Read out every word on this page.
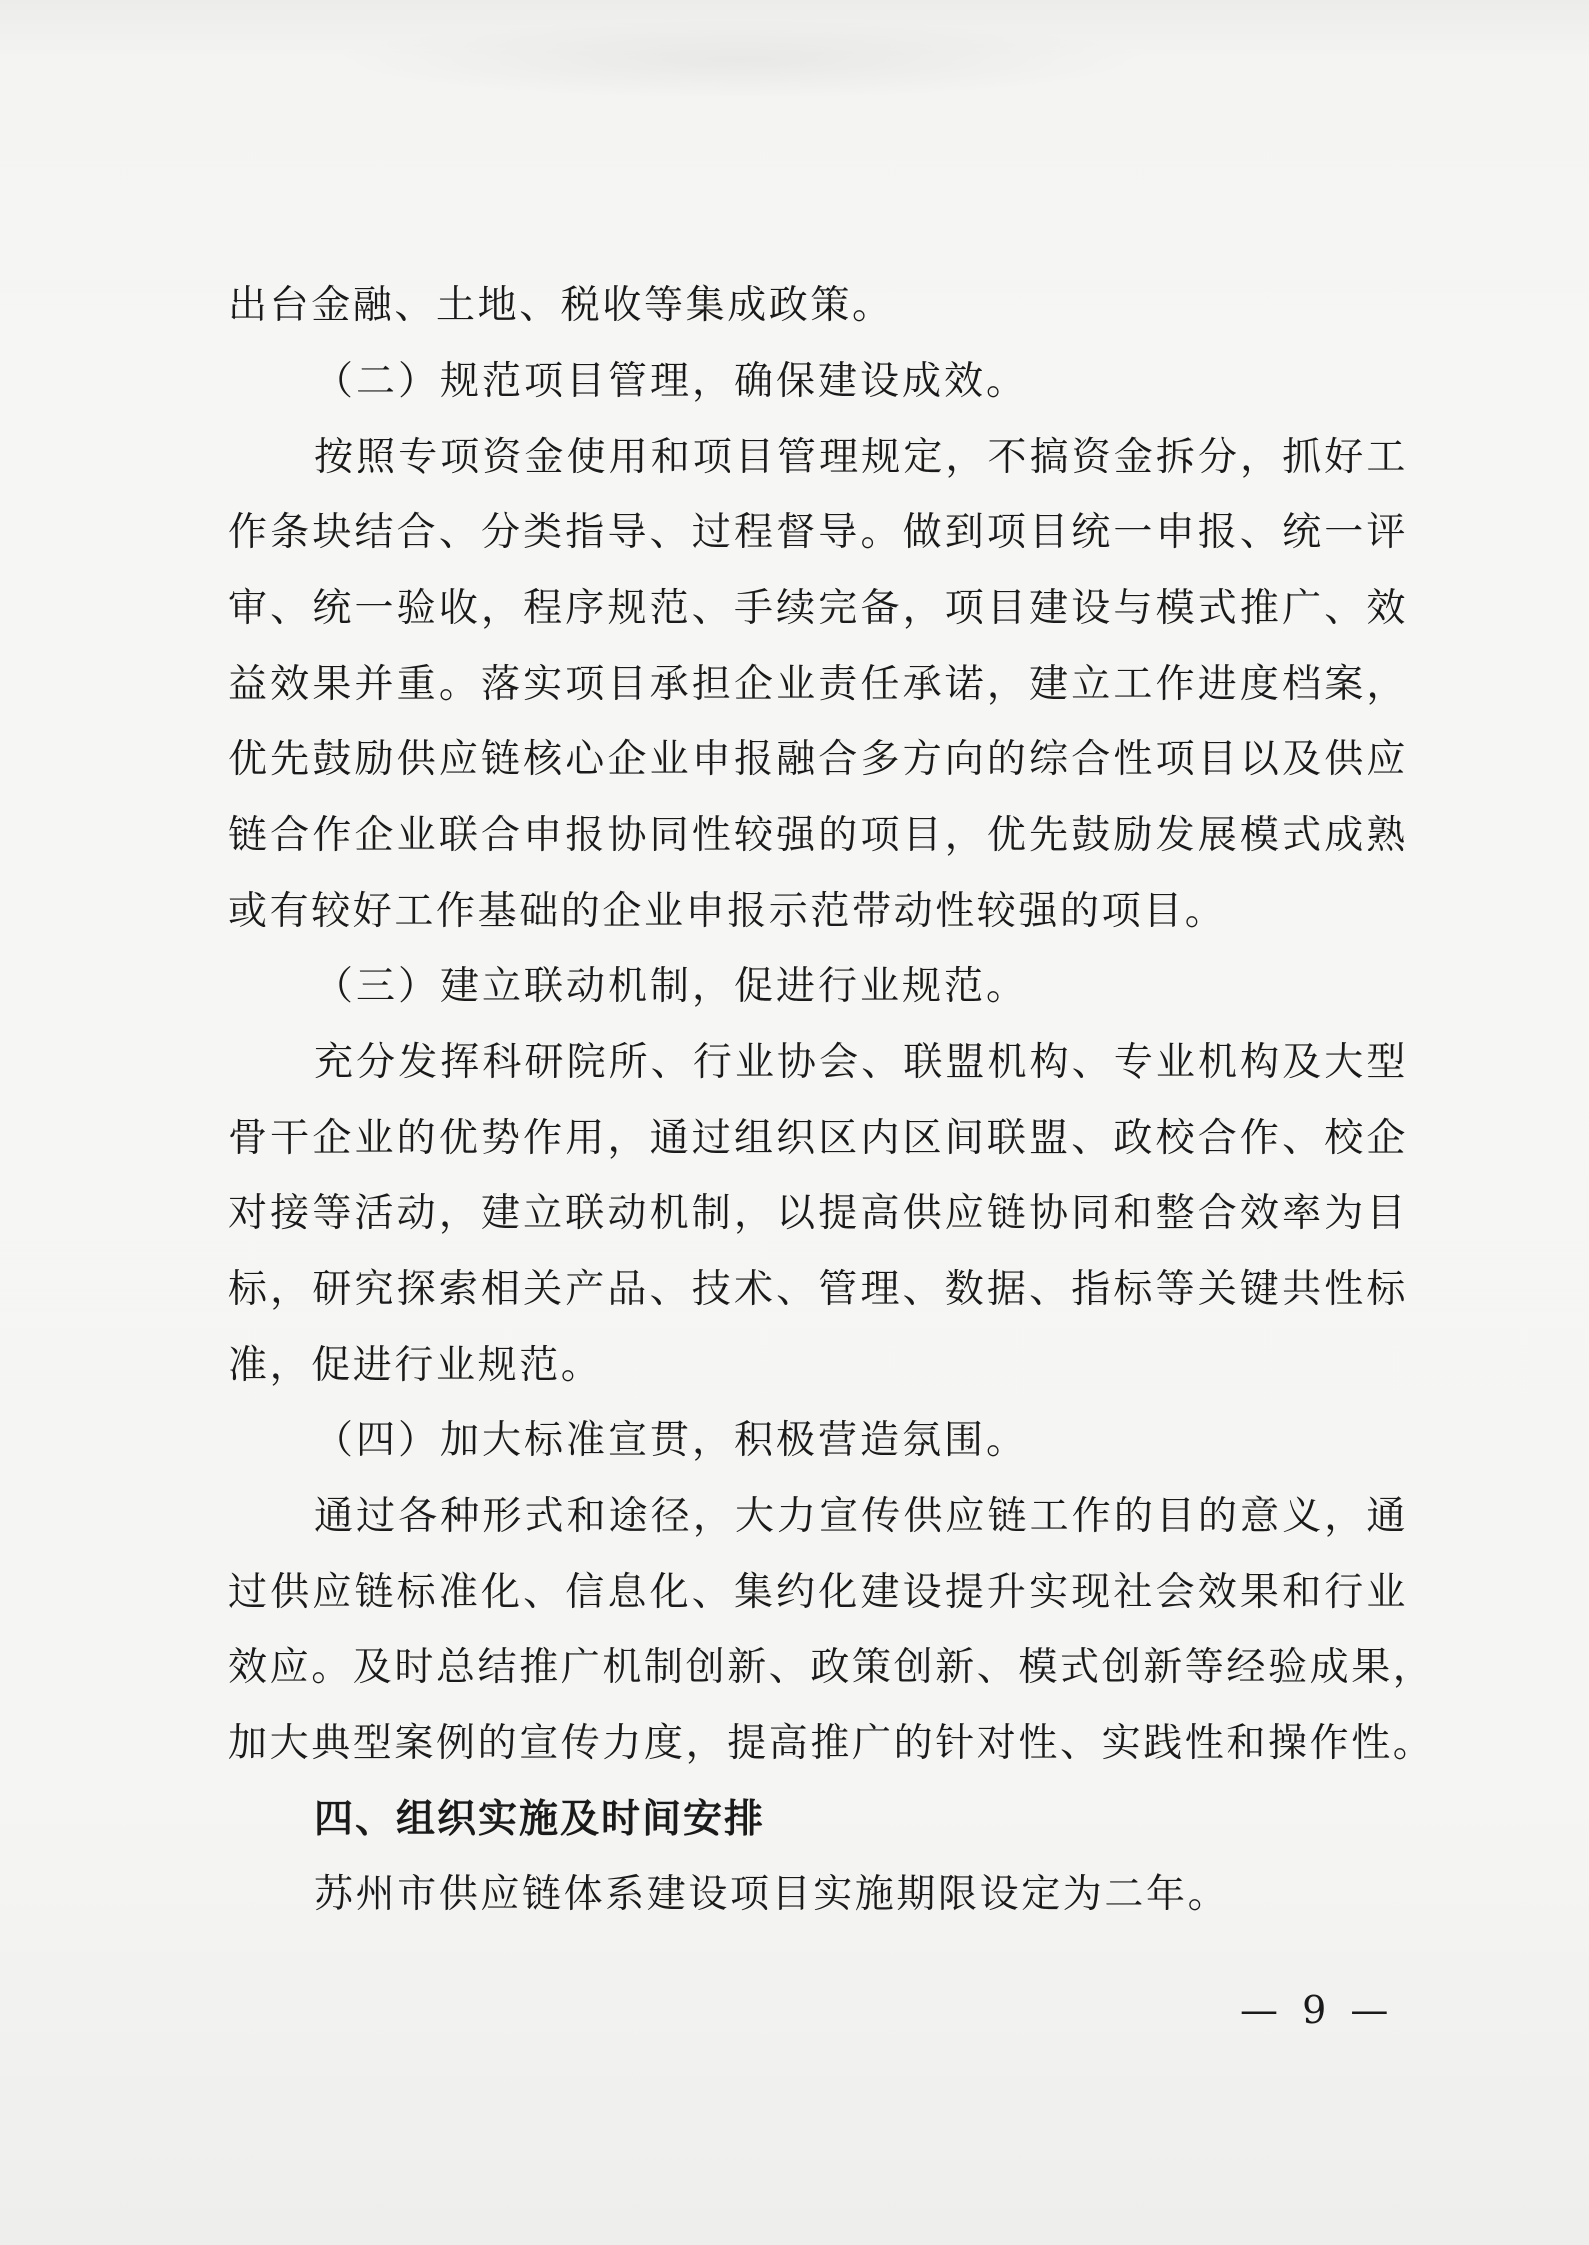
出台金融、土地、税收等集成政策。
（二）规范项目管理，确保建设成效。
按照专项资金使用和项目管理规定，不搞资金拆分，抓好工
作条块结合、分类指导、过程督导。做到项目统一申报、统一评
审、统一验收，程序规范、手续完备，项目建设与模式推广、效
益效果并重。落实项目承担企业责任承诺，建立工作进度档案，
优先鼓励供应链核心企业申报融合多方向的综合性项目以及供应
链合作企业联合申报协同性较强的项目，优先鼓励发展模式成熟
或有较好工作基础的企业申报示范带动性较强的项目。
（三）建立联动机制，促进行业规范。
充分发挥科研院所、行业协会、联盟机构、专业机构及大型
骨干企业的优势作用，通过组织区内区间联盟、政校合作、校企
对接等活动，建立联动机制，以提高供应链协同和整合效率为目
标，研究探索相关产品、技术、管理、数据、指标等关键共性标
准，促进行业规范。
（四）加大标准宣贯，积极营造氛围。
通过各种形式和途径，大力宣传供应链工作的目的意义，通
过供应链标准化、信息化、集约化建设提升实现社会效果和行业
效应。及时总结推广机制创新、政策创新、模式创新等经验成果，
加大典型案例的宣传力度，提高推广的针对性、实践性和操作性。
四、组织实施及时间安排
苏州市供应链体系建设项目实施期限设定为二年。
— 9 —
